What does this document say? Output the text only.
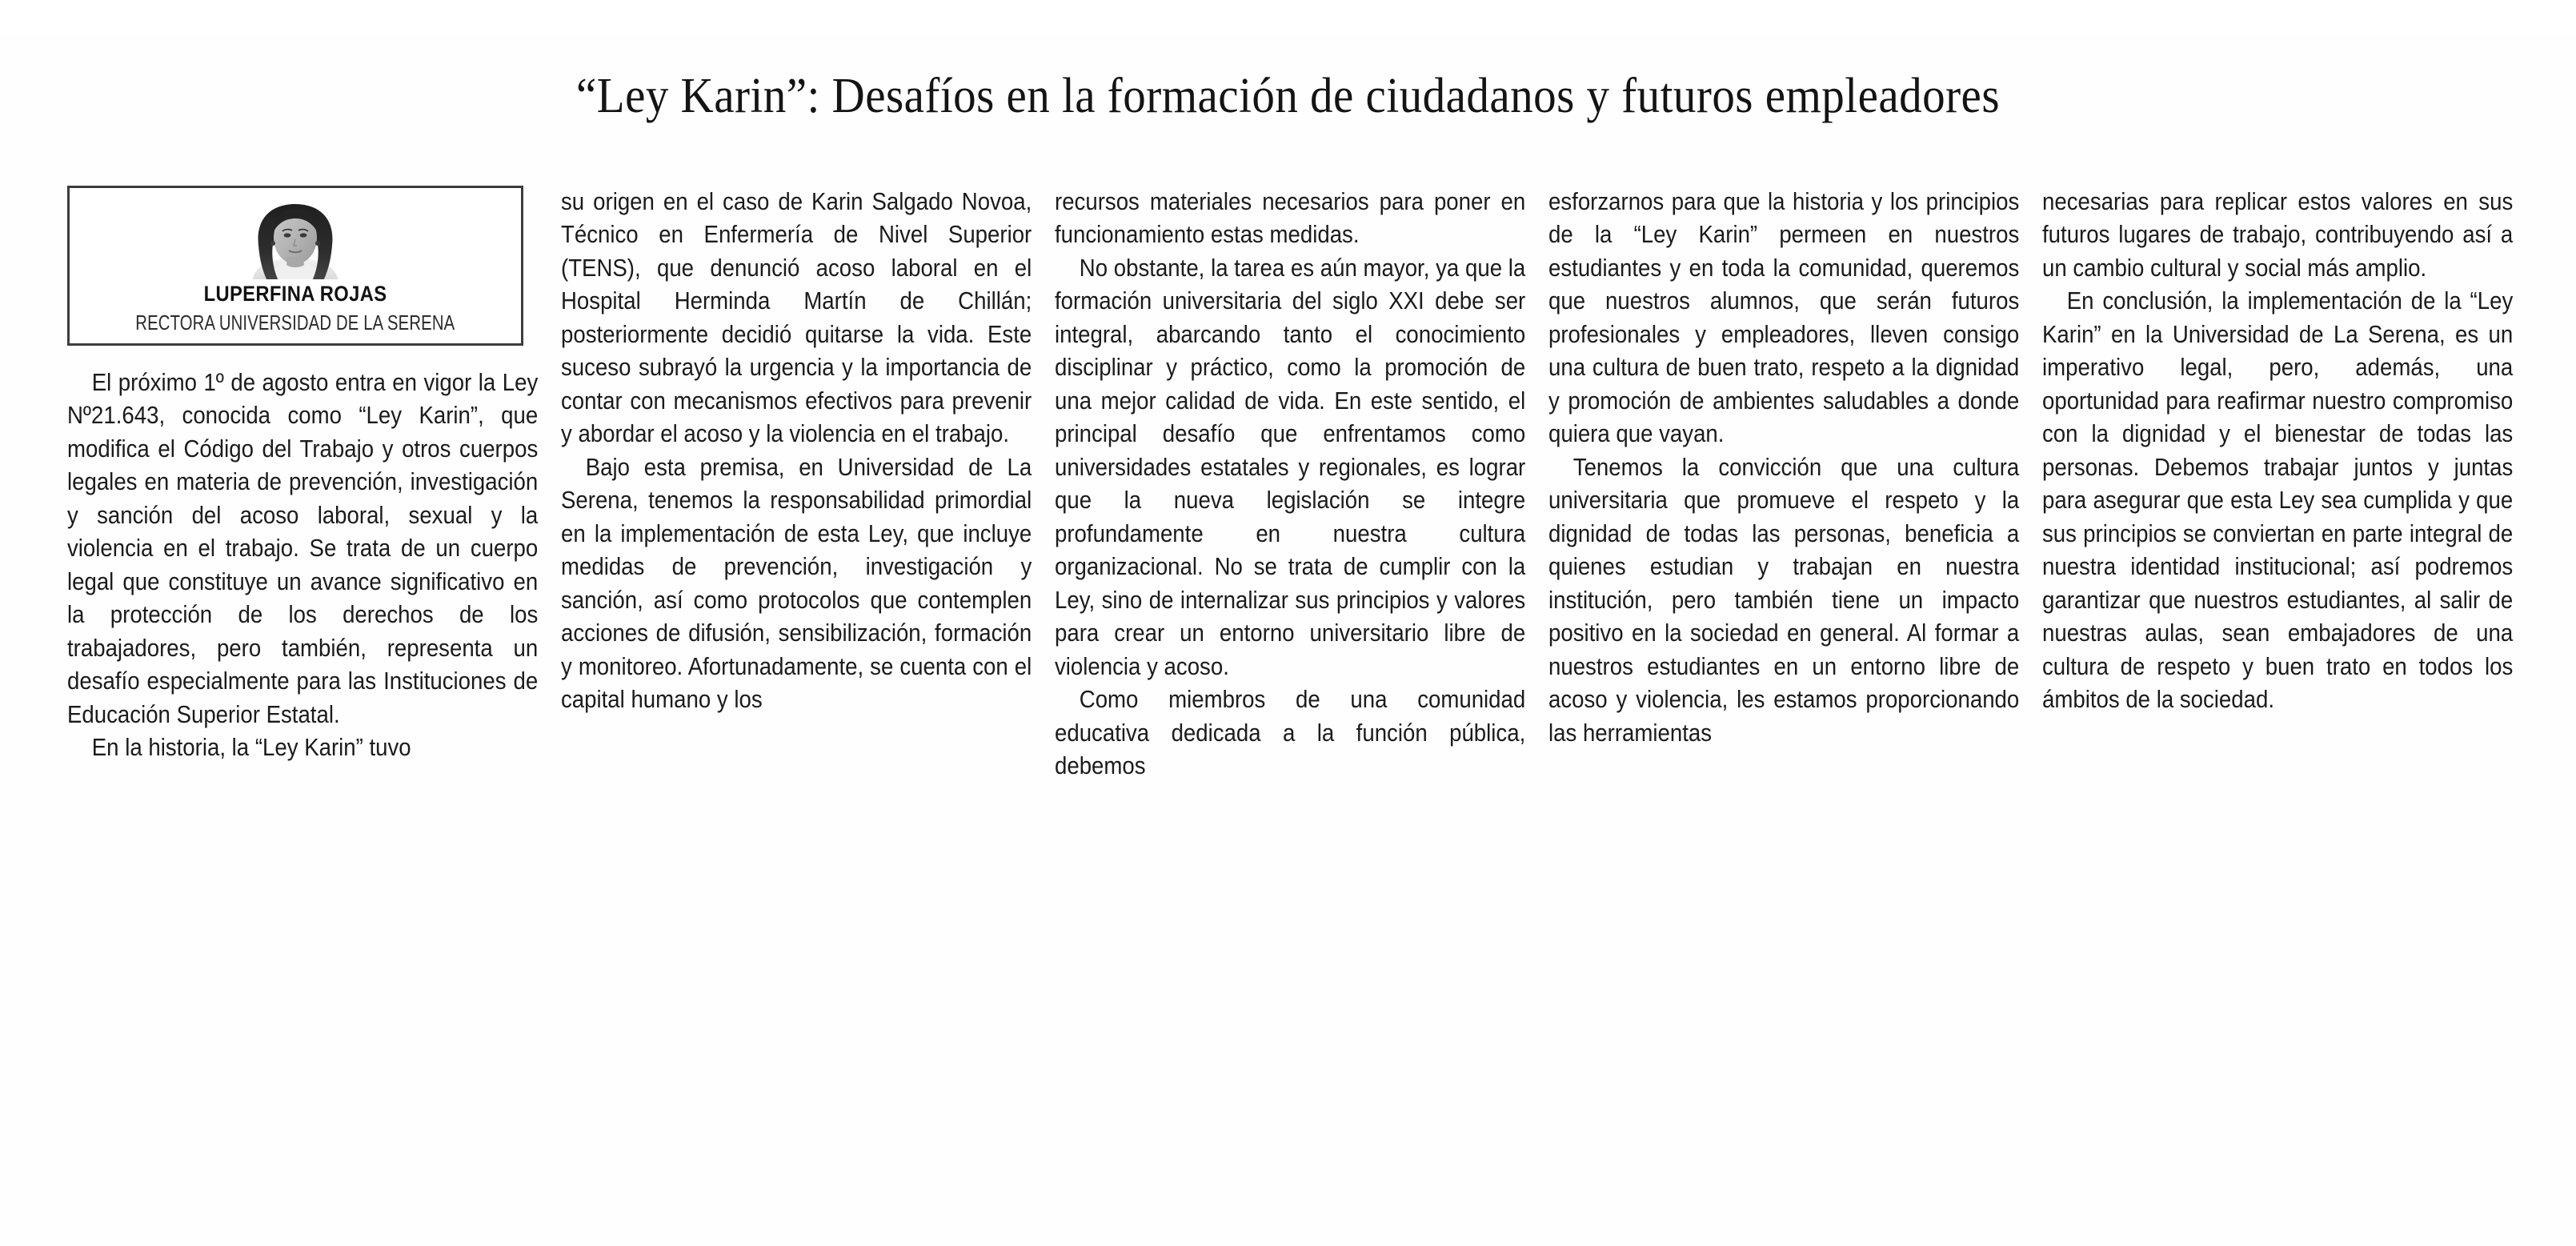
“Ley Karin”: Desafíos en la formación de ciudadanos y futuros empleadores
LUPERFINA ROJAS
RECTORA UNIVERSIDAD DE LA SERENA

El próximo 1º de agosto entra en vigor la Ley Nº21.643, conocida como “Ley Karin”, que modifica el Código del Trabajo y otros cuerpos legales en materia de prevención, investigación y sanción del acoso laboral, sexual y la violencia en el trabajo. Se trata de un cuerpo legal que constituye un avance significativo en la protección de los derechos de los trabajadores, pero también, representa un desafío especialmente para las Instituciones de Educación Superior Estatal.

En la historia, la “Ley Karin” tuvo

su origen en el caso de Karin Salgado Novoa, Técnico en Enfermería de Nivel Superior (TENS), que denunció acoso laboral en el Hospital Herminda Martín de Chillán; posteriormente decidió quitarse la vida. Este suceso subrayó la urgencia y la importancia de contar con mecanismos efectivos para prevenir y abordar el acoso y la violencia en el trabajo.

Bajo esta premisa, en Universidad de La Serena, tenemos la responsabilidad primordial en la implementación de esta Ley, que incluye medidas de prevención, investigación y sanción, así como protocolos que contemplen acciones de difusión, sensibilización, formación y monitoreo. Afortunadamente, se cuenta con el capital humano y los

recursos materiales necesarios para poner en funcionamiento estas medidas.

No obstante, la tarea es aún mayor, ya que la formación universitaria del siglo XXI debe ser integral, abarcando tanto el conocimiento disciplinar y práctico, como la promoción de una mejor calidad de vida. En este sentido, el principal desafío que enfrentamos como universidades estatales y regionales, es lograr que la nueva legislación se integre profundamente en nuestra cultura organizacional. No se trata de cumplir con la Ley, sino de internalizar sus principios y valores para crear un entorno universitario libre de violencia y acoso.

Como miembros de una comunidad educativa dedicada a la función pública, debemos

esforzarnos para que la historia y los principios de la “Ley Karin” permeen en nuestros estudiantes y en toda la comunidad, queremos que nuestros alumnos, que serán futuros profesionales y empleadores, lleven consigo una cultura de buen trato, respeto a la dignidad y promoción de ambientes saludables a donde quiera que vayan.

Tenemos la convicción que una cultura universitaria que promueve el respeto y la dignidad de todas las personas, beneficia a quienes estudian y trabajan en nuestra institución, pero también tiene un impacto positivo en la sociedad en general. Al formar a nuestros estudiantes en un entorno libre de acoso y violencia, les estamos proporcionando las herramientas

necesarias para replicar estos valores en sus futuros lugares de trabajo, contribuyendo así a un cambio cultural y social más amplio.

En conclusión, la implementación de la “Ley Karin” en la Universidad de La Serena, es un imperativo legal, pero, además, una oportunidad para reafirmar nuestro compromiso con la dignidad y el bienestar de todas las personas. Debemos trabajar juntos y juntas para asegurar que esta Ley sea cumplida y que sus principios se conviertan en parte integral de nuestra identidad institucional; así podremos garantizar que nuestros estudiantes, al salir de nuestras aulas, sean embajadores de una cultura de respeto y buen trato en todos los ámbitos de la sociedad.
